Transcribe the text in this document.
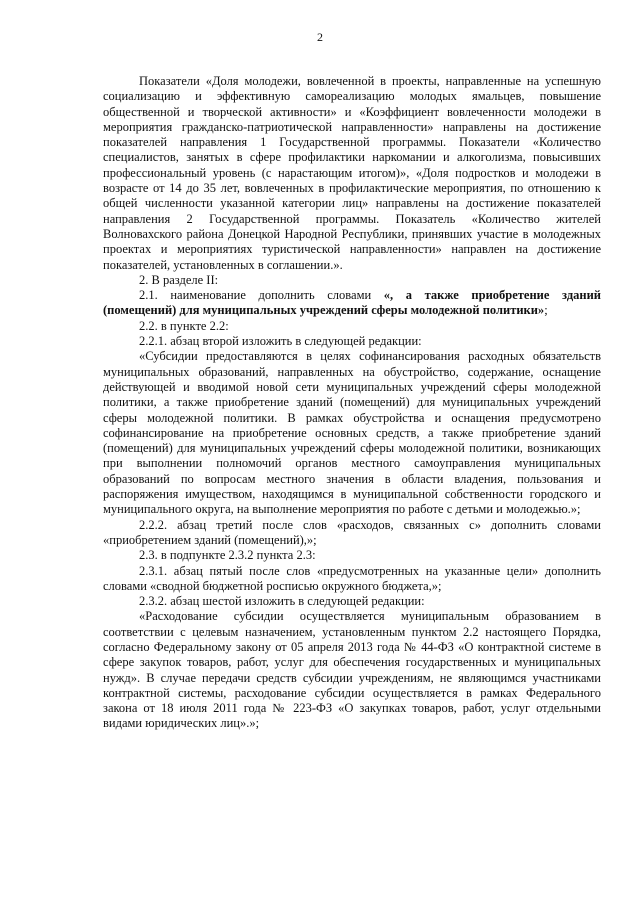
2

Показатели «Доля молодежи, вовлеченной в проекты, направленные на успешную социализацию и эффективную самореализацию молодых ямальцев, повышение общественной и творческой активности» и «Коэффициент вовлеченности молодежи в мероприятия гражданско-патриотической направленности» направлены на достижение показателей направления 1 Государственной программы. Показатели «Количество специалистов, занятых в сфере профилактики наркомании и алкоголизма, повысивших профессиональный уровень (с нарастающим итогом)», «Доля подростков и молодежи в возрасте от 14 до 35 лет, вовлеченных в профилактические мероприятия, по отношению к общей численности указанной категории лиц» направлены на достижение показателей направления 2 Государственной программы. Показатель «Количество жителей Волновахского района Донецкой Народной Республики, принявших участие в молодежных проектах и мероприятиях туристической направленности» направлен на достижение показателей, установленных в соглашении.».

2. В разделе II:

2.1. наименование дополнить словами «, а также приобретение зданий (помещений) для муниципальных учреждений сферы молодежной политики»;

2.2. в пункте 2.2:

2.2.1. абзац второй изложить в следующей редакции:

«Субсидии предоставляются в целях софинансирования расходных обязательств муниципальных образований, направленных на обустройство, содержание, оснащение действующей и вводимой новой сети муниципальных учреждений сферы молодежной политики, а также приобретение зданий (помещений) для муниципальных учреждений сферы молодежной политики. В рамках обустройства и оснащения предусмотрено софинансирование на приобретение основных средств, а также приобретение зданий (помещений) для муниципальных учреждений сферы молодежной политики, возникающих при выполнении полномочий органов местного самоуправления муниципальных образований по вопросам местного значения в области владения, пользования и распоряжения имуществом, находящимся в муниципальной собственности городского и муниципального округа, на выполнение мероприятия по работе с детьми и молодежью.»;

2.2.2. абзац третий после слов «расходов, связанных с» дополнить словами «приобретением зданий (помещений),»;

2.3. в подпункте 2.3.2 пункта 2.3:

2.3.1. абзац пятый после слов «предусмотренных на указанные цели» дополнить словами «сводной бюджетной росписью окружного бюджета,»;

2.3.2. абзац шестой изложить в следующей редакции:

«Расходование субсидии осуществляется муниципальным образованием в соответствии с целевым назначением, установленным пунктом 2.2 настоящего Порядка, согласно Федеральному закону от 05 апреля 2013 года № 44-ФЗ «О контрактной системе в сфере закупок товаров, работ, услуг для обеспечения государственных и муниципальных нужд». В случае передачи средств субсидии учреждениям, не являющимся участниками контрактной системы, расходование субсидии осуществляется в рамках Федерального закона от 18 июля 2011 года № 223-ФЗ «О закупках товаров, работ, услуг отдельными видами юридических лиц».»;
